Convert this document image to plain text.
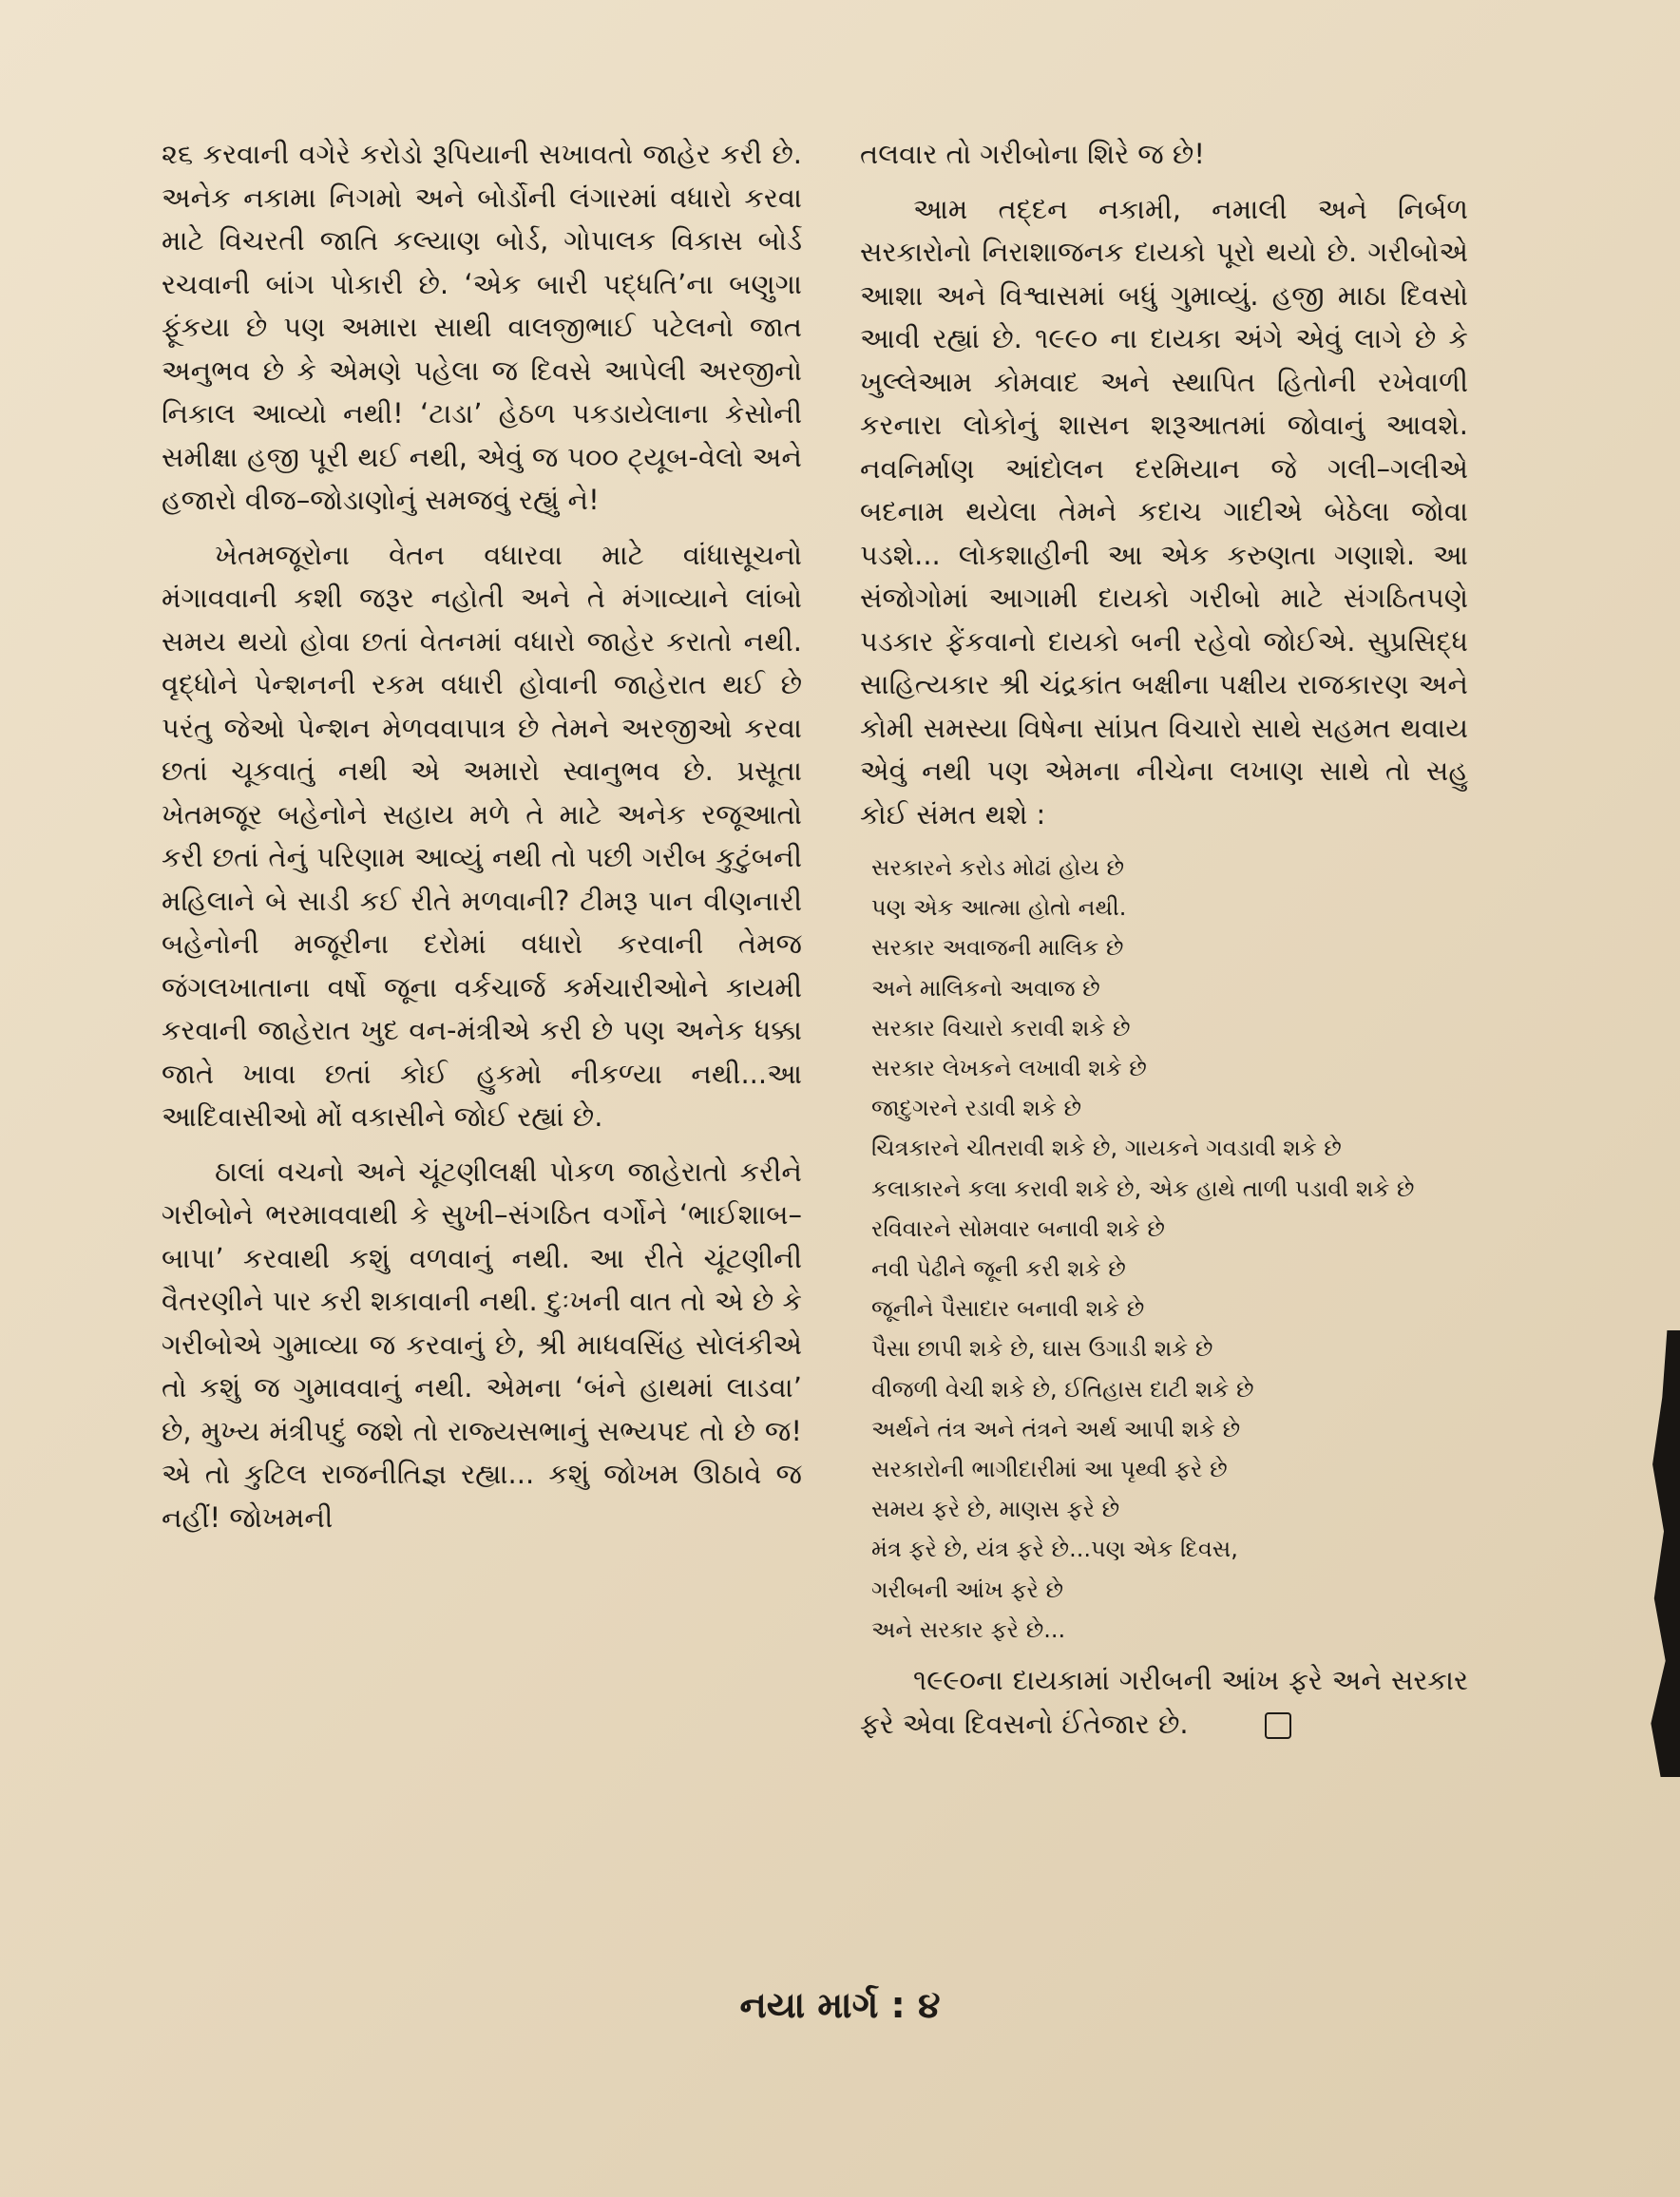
૨૬ કરવાની વગેરે કરોડો રૂપિયાની સખાવતો જાહેર કરી છે. અનેક નકામા નિગમો અને બોર્ડોની લંગારમાં વધારો કરવા માટે વિચરતી જાતિ કલ્યાણ બોર્ડ, ગોપાલક વિકાસ બોર્ડ રચવાની બાંગ પોકારી છે. ‘એક બારી પદ્ધતિ’ના બણુગા ફૂંકયા છે પણ અમારા સાથી વાલજીભાઈ પટેલનો જાત અનુભવ છે કે એમણે પહેલા જ દિવસે આપેલી અરજીનો નિકાલ આવ્યો નથી! ‘ટાડા’ હેઠળ પકડાયેલાના કેસોની સમીક્ષા હજી પૂરી થઈ નથી, એવું જ ૫૦૦ ટ્યૂબ-વેલો અને હજારો વીજ–જોડાણોનું સમજવું રહ્યું ને!

ખેતમજૂરોના વેતન વધારવા માટે વાંધાસૂચનો મંગાવવાની કશી જરૂર નહોતી અને તે મંગાવ્યાને લાંબો સમય થયો હોવા છતાં વેતનમાં વધારો જાહેર કરાતો નથી. વૃદ્ધોને પેન્શનની રકમ વધારી હોવાની જાહેરાત થઈ છે પરંતુ જેઓ પેન્શન મેળવવાપાત્ર છે તેમને અરજીઓ કરવા છતાં ચૂકવાતું નથી એ અમારો સ્વાનુભવ છે. પ્રસૂતા ખેતમજૂર બહેનોને સહાય મળે તે માટે અનેક રજૂઆતો કરી છતાં તેનું પરિણામ આવ્યું નથી તો પછી ગરીબ કુટુંબની મહિલાને બે સાડી કઈ રીતે મળવાની? ટીમરૂ પાન વીણનારી બહેનોની મજૂરીના દરોમાં વધારો કરવાની તેમજ જંગલખાતાના વર્ષો જૂના વર્કચાર્જ કર્મચારીઓને કાયમી કરવાની જાહેરાત ખુદ વન-મંત્રીએ કરી છે પણ અનેક ધક્કા જાતે ખાવા છતાં કોઈ હુકમો નીકળ્યા નથી...આ આદિવાસીઓ મોં વકાસીને જોઈ રહ્યાં છે.

ઠાલાં વચનો અને ચૂંટણીલક્ષી પોકળ જાહેરાતો કરીને ગરીબોને ભરમાવવાથી કે સુખી–સંગઠિત વર્ગોને ‘ભાઈશાબ–બાપા’ કરવાથી કશું વળવાનું નથી. આ રીતે ચૂંટણીની વૈતરણીને પાર કરી શકાવાની નથી. દુઃખની વાત તો એ છે કે ગરીબોએ ગુમાવ્યા જ કરવાનું છે, શ્રી માધવસિંહ સોલંકીએ તો કશું જ ગુમાવવાનું નથી. એમના ‘બંને હાથમાં લાડવા’ છે, મુખ્ય મંત્રીપદું જશે તો રાજ્યસભાનું સભ્યપદ તો છે જ! એ તો કુટિલ રાજનીતિજ્ઞ રહ્યા... કશું જોખમ ઊઠાવે જ નહીં! જોખમની

તલવાર તો ગરીબોના શિરે જ છે!

આમ તદ્દન નકામી, નમાલી અને નિર્બળ સરકારોનો નિરાશાજનક દાયકો પૂરો થયો છે. ગરીબોએ આશા અને વિશ્વાસમાં બધું ગુમાવ્યું. હજી માઠા દિવસો આવી રહ્યાં છે. ૧૯૯૦ ના દાયકા અંગે એવું લાગે છે કે ખુલ્લેઆમ કોમવાદ અને સ્થાપિત હિતોની રખેવાળી કરનારા લોકોનું શાસન શરૂઆતમાં જોવાનું આવશે. નવનિર્માણ આંદોલન દરમિયાન જે ગલી–ગલીએ બદનામ થયેલા તેમને કદાચ ગાદીએ બેઠેલા જોવા પડશે... લોકશાહીની આ એક કરુણતા ગણાશે. આ સંજોગોમાં આગામી દાયકો ગરીબો માટે સંગઠિતપણે પડકાર ફેંકવાનો દાયકો બની રહેવો જોઈએ. સુપ્રસિદ્ધ સાહિત્યકાર શ્રી ચંદ્રકાંત બક્ષીના પક્ષીય રાજકારણ અને કોમી સમસ્યા વિષેના સાંપ્રત વિચારો સાથે સહમત થવાય એવું નથી પણ એમના નીચેના લખાણ સાથે તો સહુ કોઈ સંમત થશે :

સરકારને કરોડ મોઢાં હોય છે
પણ એક આત્મા હોતો નથી.
સરકાર અવાજની માલિક છે
અને માલિકનો અવાજ છે
સરકાર વિચારો કરાવી શકે છે
સરકાર લેખકને લખાવી શકે છે
જાદુગરને રડાવી શકે છે
ચિત્રકારને ચીતરાવી શકે છે, ગાયકને ગવડાવી શકે છે
કલાકારને કલા કરાવી શકે છે, એક હાથે તાળી પડાવી શકે છે
રવિવારને સોમવાર બનાવી શકે છે
નવી પેઢીને જૂની કરી શકે છે
જૂનીને પૈસાદાર બનાવી શકે છે
પૈસા છાપી શકે છે, ઘાસ ઉગાડી શકે છે
વીજળી વેચી શકે છે, ઈતિહાસ દાટી શકે છે
અર્થને તંત્ર અને તંત્રને અર્થ આપી શકે છે
સરકારોની ભાગીદારીમાં આ પૃથ્વી ફરે છે
સમય ફરે છે, માણસ ફરે છે
મંત્ર ફરે છે, યંત્ર ફરે છે...પણ એક દિવસ,
ગરીબની આંખ ફરે છે
અને સરકાર ફરે છે...

૧૯૯૦ના દાયકામાં ગરીબની આંખ ફરે અને સરકાર ફરે એવા દિવસનો ઈંતેજાર છે.

નયા માર્ગ : ૪
